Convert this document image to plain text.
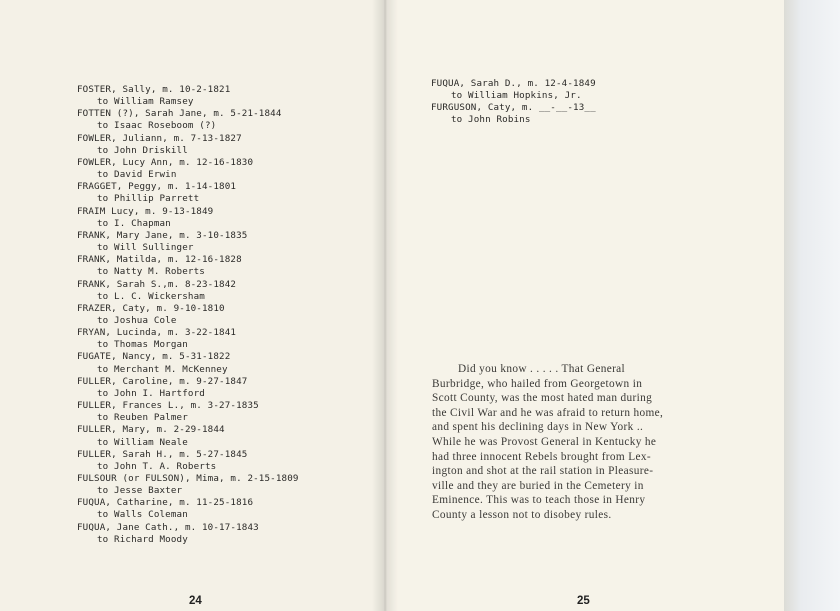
FOSTER, Sally, m. 10-2-1821
to William Ramsey
FOTTEN (?), Sarah Jane, m. 5-21-1844
to Isaac Roseboom (?)
FOWLER, Juliann, m. 7-13-1827
to John Driskill
FOWLER, Lucy Ann, m. 12-16-1830
to David Erwin
FRAGGET, Peggy, m. 1-14-1801
to Phillip Parrett
FRAIM Lucy, m. 9-13-1849
to I. Chapman
FRANK, Mary Jane, m. 3-10-1835
to Will Sullinger
FRANK, Matilda, m. 12-16-1828
to Natty M. Roberts
FRANK, Sarah S.,m. 8-23-1842
to L. C. Wickersham
FRAZER, Caty, m. 9-10-1810
to Joshua Cole
FRYAN, Lucinda, m. 3-22-1841
to Thomas Morgan
FUGATE, Nancy, m. 5-31-1822
to Merchant M. McKenney
FULLER, Caroline, m. 9-27-1847
to John I. Hartford
FULLER, Frances L., m. 3-27-1835
to Reuben Palmer
FULLER, Mary, m. 2-29-1844
to William Neale
FULLER, Sarah H., m. 5-27-1845
to John T. A. Roberts
FULSOUR (or FULSON), Mima, m. 2-15-1809
to Jesse Baxter
FUQUA, Catharine, m. 11-25-1816
to Walls Coleman
FUQUA, Jane Cath., m. 10-17-1843
to Richard Moody
24
FUQUA, Sarah D., m. 12-4-1849
to William Hopkins, Jr.
FURGUSON, Caty, m. __-__-13__
to John Robins
Did you know . . . . . That General
Burbridge, who hailed from Georgetown in
Scott County, was the most hated man during
the Civil War and he was afraid to return home,
and spent his declining days in New York ..
While he was Provost General in Kentucky he
had three innocent Rebels brought from Lex-
ington and shot at the rail station in Pleasure-
ville and they are buried in the Cemetery in
Eminence. This was to teach those in Henry
County a lesson not to disobey rules.
25
